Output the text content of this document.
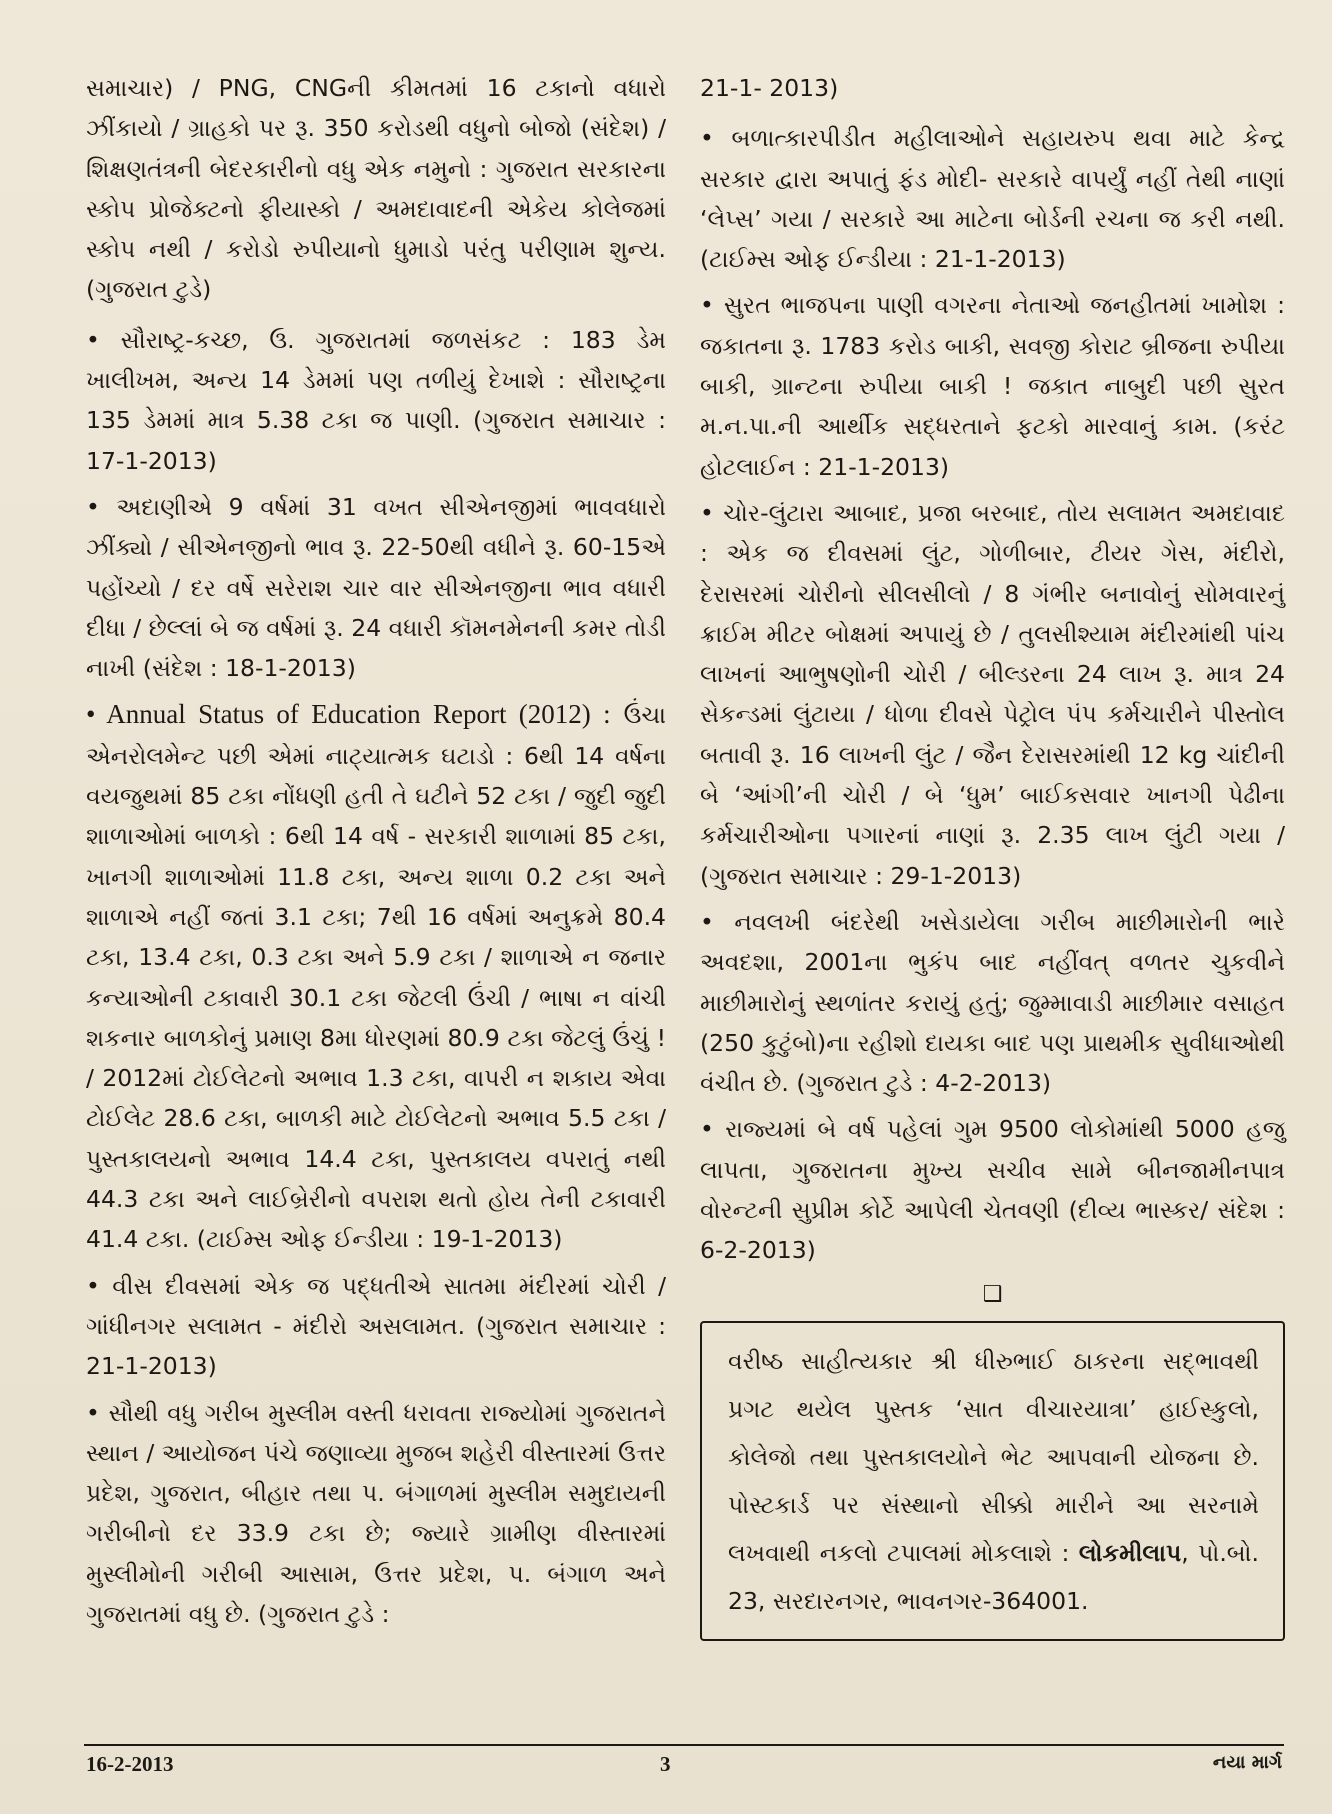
સમાચાર) / PNG, CNGની કીમતમાં 16 ટકાનો વધારો ઝીંકાયો / ગ્રાહકો પર રૂ. 350 કરોડથી વધુનો બોજો (સંદેશ) / શિક્ષણતંત્રની બેદરકારીનો વધુ એક નમુનો : ગુજરાત સરકારના સ્કોપ પ્રોજેક્ટનો ફીયાસ્કો / અમદાવાદની એકેય કોલેજમાં સ્કોપ નથી / કરોડો રુપીયાનો ધુમાડો પરંતુ પરીણામ શુન્ય. (ગુજરાત ટુડે)

• સૌરાષ્ટ્ર-કચ્છ, ઉ. ગુજરાતમાં જળસંકટ : 183 ડેમ ખાલીખમ, અન્ય 14 ડેમમાં પણ તળીયું દેખાશે : સૌરાષ્ટ્રના 135 ડેમમાં માત્ર 5.38 ટકા જ પાણી. (ગુજરાત સમાચાર : 17-1-2013)

• અદાણીએ 9 વર્ષમાં 31 વખત સીએનજીમાં ભાવવધારો ઝીંક્યો / સીએનજીનો ભાવ રૂ. 22-50થી વધીને રૂ. 60-15એ પહોંચ્યો / દર વર્ષે સરેરાશ ચાર વાર સીએનજીના ભાવ વધારી દીધા / છેલ્લાં બે જ વર્ષમાં રૂ. 24 વધારી કૉમનમેનની કમર તોડી નાખી (સંદેશ : 18-1-2013)

• Annual Status of Education Report (2012) : ઉંચા એનરોલમેન્ટ પછી એમાં નાટ્યાત્મક ઘટાડો : 6થી 14 વર્ષના વયજુથમાં 85 ટકા નોંધણી હતી તે ઘટીને 52 ટકા / જુદી જુદી શાળાઓમાં બાળકો : 6થી 14 વર્ષ - સરકારી શાળામાં 85 ટકા, ખાનગી શાળાઓમાં 11.8 ટકા, અન્ય શાળા 0.2 ટકા અને શાળાએ નહીં જતાં 3.1 ટકા; 7થી 16 વર્ષમાં અનુક્રમે 80.4 ટકા, 13.4 ટકા, 0.3 ટકા અને 5.9 ટકા / શાળાએ ન જનાર કન્યાઓની ટકાવારી 30.1 ટકા જેટલી ઉંચી / ભાષા ન વાંચી શકનાર બાળકોનું પ્રમાણ 8મા ધોરણમાં 80.9 ટકા જેટલું ઉંચું ! / 2012માં ટોઈલેટનો અભાવ 1.3 ટકા, વાપરી ન શકાય એવા ટોઈલેટ 28.6 ટકા, બાળકી માટે ટોઈલેટનો અભાવ 5.5 ટકા / પુસ્તકાલયનો અભાવ 14.4 ટકા, પુસ્તકાલય વપરાતું નથી 44.3 ટકા અને લાઈબ્રેરીનો વપરાશ થતો હોય તેની ટકાવારી 41.4 ટકા. (ટાઈમ્સ ઓફ ઈન્ડીયા : 19-1-2013)

• વીસ દીવસમાં એક જ પદ્ધતીએ સાતમા મંદીરમાં ચોરી / ગાંધીનગર સલામત - મંદીરો અસલામત. (ગુજરાત સમાચાર : 21-1-2013)

• સૌથી વધુ ગરીબ મુસ્લીમ વસ્તી ધરાવતા રાજ્યોમાં ગુજરાતને સ્થાન / આયોજન પંચે જણાવ્યા મુજબ શહેરી વીસ્તારમાં ઉત્તર પ્રદેશ, ગુજરાત, બીહાર તથા પ. બંગાળમાં મુસ્લીમ સમુદાયની ગરીબીનો દર 33.9 ટકા છે; જ્યારે ગ્રામીણ વીસ્તારમાં મુસ્લીમોની ગરીબી આસામ, ઉત્તર પ્રદેશ, પ. બંગાળ અને ગુજરાતમાં વધુ છે. (ગુજરાત ટુડે :

21-1- 2013)

• બળાત્કારપીડીત મહીલાઓને સહાયરુપ થવા માટે કેન્દ્ર સરકાર દ્વારા અપાતું ફંડ મોદી- સરકારે વાપર્યું નહીં તેથી નાણાં ‘લેપ્સ’ ગયા / સરકારે આ માટેના બોર્ડની રચના જ કરી નથી. (ટાઈમ્સ ઓફ ઈન્ડીયા : 21-1-2013)

• સુરત ભાજપના પાણી વગરના નેતાઓ જનહીતમાં ખામોશ : જકાતના રૂ. 1783 કરોડ બાકી, સવજી કોરાટ બ્રીજના રુપીયા બાકી, ગ્રાન્ટના રુપીયા બાકી ! જકાત નાબુદી પછી સુરત મ.ન.પા.ની આર્થીક સદ્ધરતાને ફટકો મારવાનું કામ. (કરંટ હોટલાઈન : 21-1-2013)

• ચોર-લુંટારા આબાદ, પ્રજા બરબાદ, તોય સલામત અમદાવાદ : એક જ દીવસમાં લુંટ, ગોળીબાર, ટીયર ગેસ, મંદીરો, દેરાસરમાં ચોરીનો સીલસીલો / 8 ગંભીર બનાવોનું સોમવારનું ક્રાઈમ મીટર બોક્ષમાં અપાયું છે / તુલસીશ્યામ મંદીરમાંથી પાંચ લાખનાં આભુષણોની ચોરી / બીલ્ડરના 24 લાખ રૂ. માત્ર 24 સેકન્ડમાં લુંટાયા / ધોળા દીવસે પેટ્રોલ પંપ કર્મચારીને પીસ્તોલ બતાવી રૂ. 16 લાખની લુંટ / જૈન દેરાસરમાંથી 12 kg ચાંદીની બે ‘આંગી’ની ચોરી / બે ‘ધુમ’ બાઈકસવાર ખાનગી પેઢીના કર્મચારીઓના પગારનાં નાણાં રૂ. 2.35 લાખ લુંટી ગયા / (ગુજરાત સમાચાર : 29-1-2013)

• નવલખી બંદરેથી ખસેડાયેલા ગરીબ માછીમારોની ભારે અવદશા, 2001ના ભુકંપ બાદ નહીંવત્ વળતર ચુકવીને માછીમારોનું સ્થળાંતર કરાયું હતું; જુમ્માવાડી માછીમાર વસાહત (250 કુટુંબો)ના રહીશો દાયકા બાદ પણ પ્રાથમીક સુવીધાઓથી વંચીત છે. (ગુજરાત ટુડે : 4-2-2013)

• રાજ્યમાં બે વર્ષ પહેલાં ગુમ 9500 લોકોમાંથી 5000 હજુ લાપતા, ગુજરાતના મુખ્ય સચીવ સામે બીનજામીનપાત્ર વોરન્ટની સુપ્રીમ કોર્ટે આપેલી ચેતવણી (દીવ્ય ભાસ્કર/ સંદેશ : 6-2-2013)

❑
વરીષ્ઠ સાહીત્યકાર શ્રી ધીરુભાઈ ઠાકરના સદ્ભાવથી પ્રગટ થયેલ પુસ્તક ‘સાત વીચારયાત્રા’ હાઈસ્કુલો, કોલેજો તથા પુસ્તકાલયોને ભેટ આપવાની યોજના છે. પોસ્ટકાર્ડ પર સંસ્થાનો સીક્કો મારીને આ સરનામે લખવાથી નકલો ટપાલમાં મોકલાશે : લોકમીલાપ, પો.બો. 23, સરદારનગર, ભાવનગર-364001.
16-2-2013	3	નયા માર્ગ
